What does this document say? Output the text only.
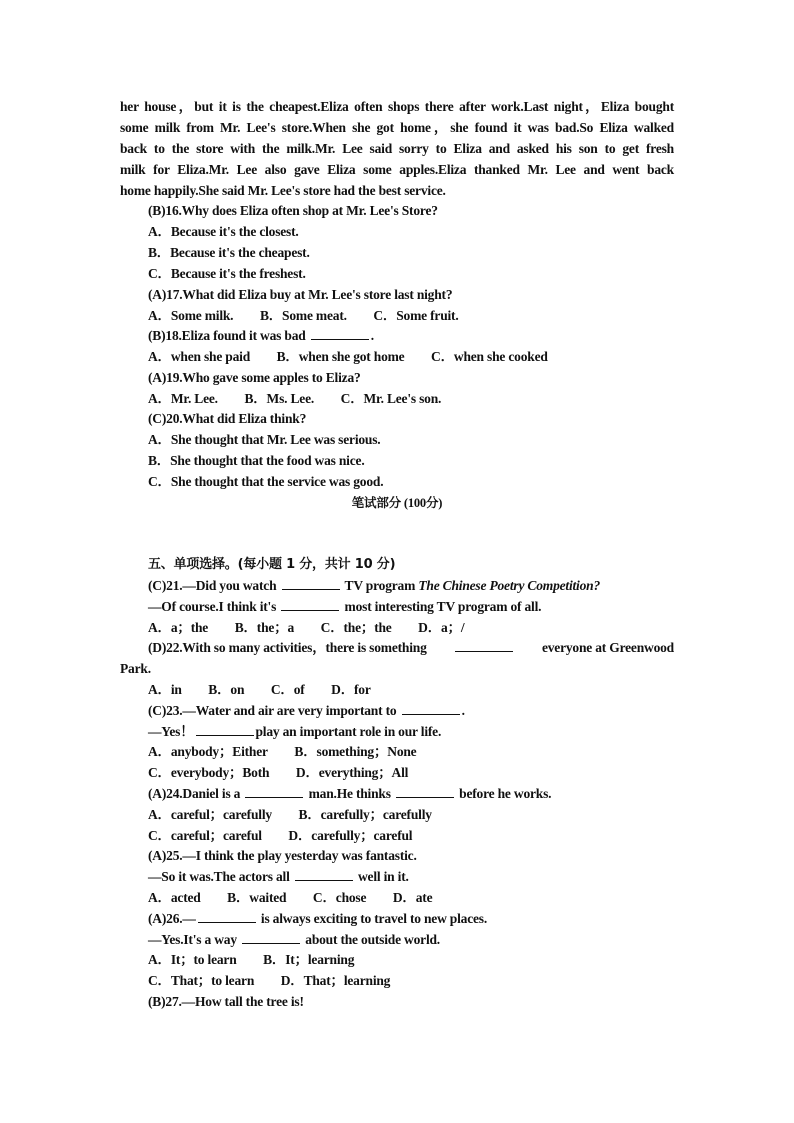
her house，but it is the cheapest.Eliza often shops there after work.Last night，Eliza bought
some milk from Mr. Lee's store.When she got home，she found it was bad.So Eliza walked
back to the store with the milk.Mr. Lee said sorry to Eliza and asked his son to get fresh
milk for Eliza.Mr. Lee also gave Eliza some apples.Eliza thanked Mr. Lee and went back
home happily.She said Mr. Lee's store had the best service.
(B)16.Why does Eliza often shop at Mr. Lee's Store?
A．Because it's the closest.
B．Because it's the cheapest.
C．Because it's the freshest.
(A)17.What did Eliza buy at Mr. Lee's store last night?
A．Some milk.  B．Some meat.  C．Some fruit.
(B)18.Eliza found it was bad	.
A．when she paid  B．when she got home  C．when she cooked
(A)19.Who gave some apples to Eliza?
A．Mr. Lee.  B．Ms. Lee.  C．Mr. Lee's son.
(C)20.What did Eliza think?
A．She thought that Mr. Lee was serious.
B．She thought that the food was nice.
C．She thought that the service was good.
笔试部分 (100分)
五、单项选择。(每小题 1 分，共计 10 分)
(C)21.—Did you watch	TV program The Chinese Poetry Competition?
—Of course.I think it's	most interesting TV program of all.
A．a；the  B．the；a  C．the；the  D．a；/
(D)22.With so many activities，there is something	everyone at Greenwood
Park.
A．in  B．on  C．of  D．for
(C)23.—Water and air are very important to	.
—Yes！	play an important role in our life.
A．anybody；Either  B．something；None
C．everybody；Both  D．everything；All
(A)24.Daniel is a	man.He thinks	before he works.
A．careful；carefully  B．carefully；carefully
C．careful；careful  D．carefully；careful
(A)25.—I think the play yesterday was fantastic.
—So it was.The actors all	well in it.
A．acted  B．waited  C．chose  D．ate
(A)26.—	is always exciting to travel to new places.
—Yes.It's a way	about the outside world.
A．It；to learn  B．It；learning
C．That；to learn  D．That；learning
(B)27.—How tall the tree is!
